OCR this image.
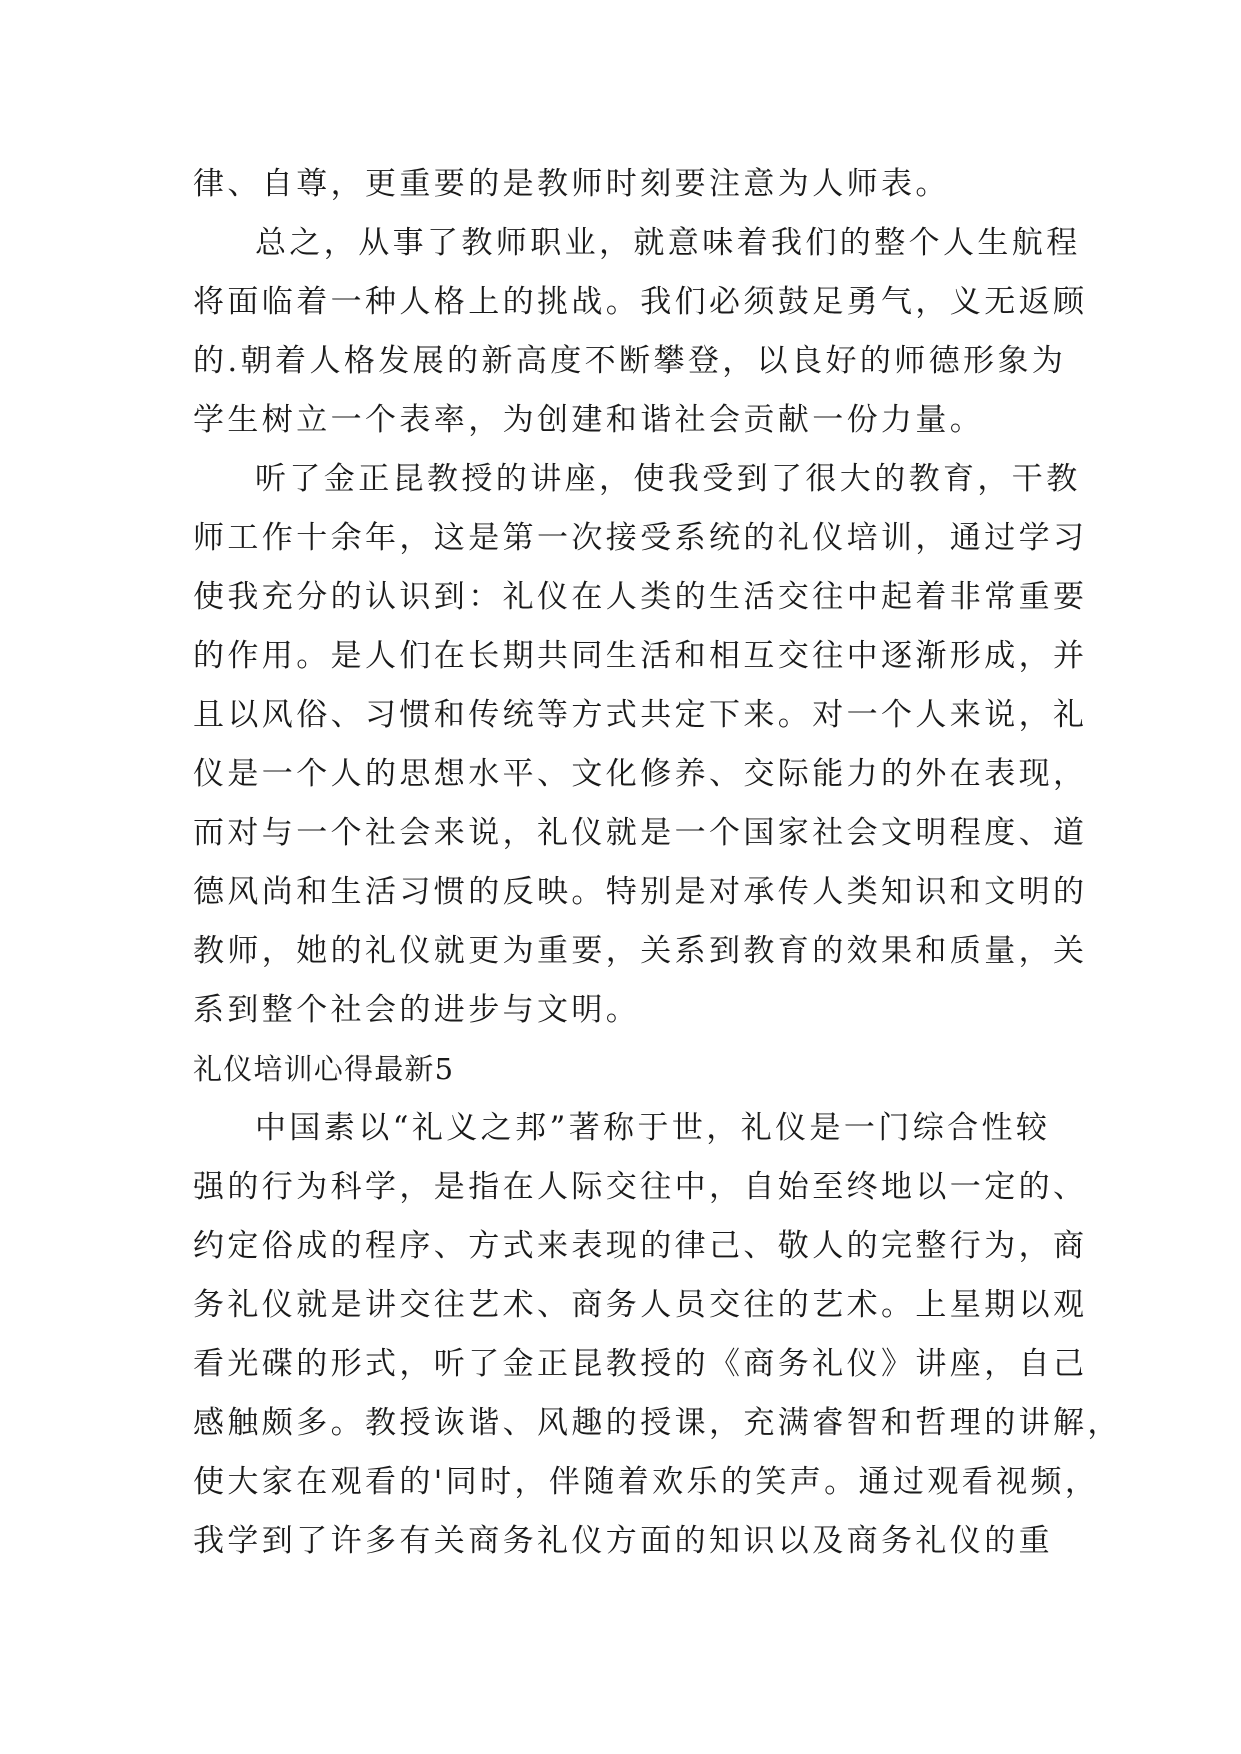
律、自尊，更重要的是教师时刻要注意为人师表。
总之，从事了教师职业，就意味着我们的整个人生航程
将面临着一种人格上的挑战。我们必须鼓足勇气，义无返顾
的.朝着人格发展的新高度不断攀登，以良好的师德形象为
学生树立一个表率，为创建和谐社会贡献一份力量。
听了金正昆教授的讲座，使我受到了很大的教育，干教
师工作十余年，这是第一次接受系统的礼仪培训，通过学习
使我充分的认识到：礼仪在人类的生活交往中起着非常重要
的作用。是人们在长期共同生活和相互交往中逐渐形成，并
且以风俗、习惯和传统等方式共定下来。对一个人来说，礼
仪是一个人的思想水平、文化修养、交际能力的外在表现，
而对与一个社会来说，礼仪就是一个国家社会文明程度、道
德风尚和生活习惯的反映。特别是对承传人类知识和文明的
教师，她的礼仪就更为重要，关系到教育的效果和质量，关
系到整个社会的进步与文明。
礼仪培训心得最新5
中国素以“礼义之邦”著称于世，礼仪是一门综合性较
强的行为科学，是指在人际交往中，自始至终地以一定的、
约定俗成的程序、方式来表现的律己、敬人的完整行为，商
务礼仪就是讲交往艺术、商务人员交往的艺术。上星期以观
看光碟的形式，听了金正昆教授的《商务礼仪》讲座，自己
感触颇多。教授诙谐、风趣的授课，充满睿智和哲理的讲解，
使大家在观看的'同时，伴随着欢乐的笑声。通过观看视频，
我学到了许多有关商务礼仪方面的知识以及商务礼仪的重
